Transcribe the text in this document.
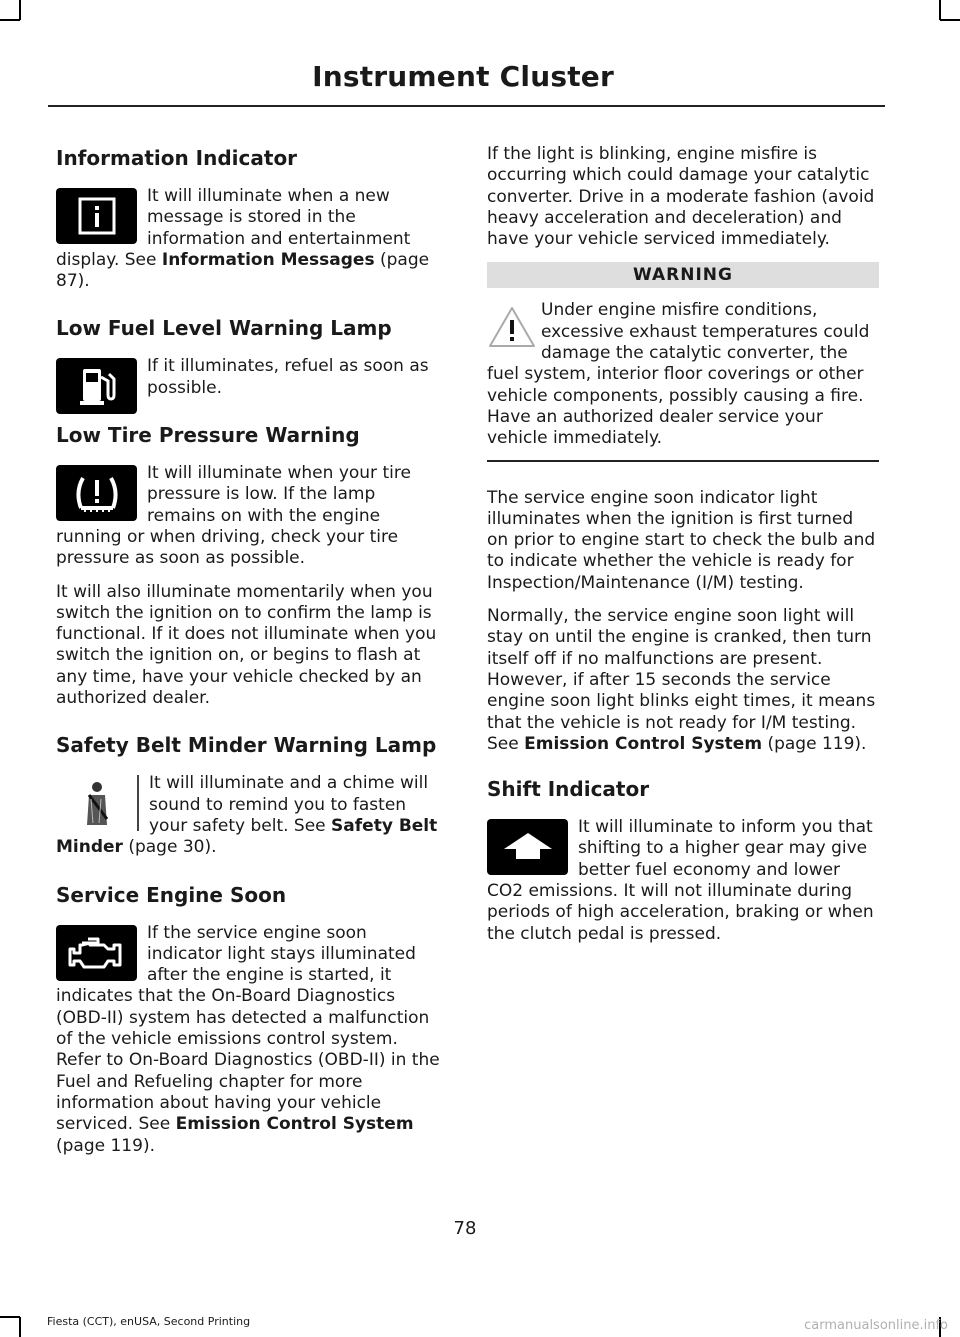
Instrument Cluster
Information Indicator

It will illuminate when a new message is stored in the information and entertainment display. See Information Messages (page 87).

Low Fuel Level Warning Lamp

If it illuminates, refuel as soon as possible.

Low Tire Pressure Warning

It will illuminate when your tire pressure is low. If the lamp remains on with the engine running or when driving, check your tire pressure as soon as possible.

It will also illuminate momentarily when you switch the ignition on to confirm the lamp is functional. If it does not illuminate when you switch the ignition on, or begins to flash at any time, have your vehicle checked by an authorized dealer.

Safety Belt Minder Warning Lamp

It will illuminate and a chime will sound to remind you to fasten your safety belt. See Safety Belt Minder (page 30).

Service Engine Soon

If the service engine soon indicator light stays illuminated after the engine is started, it indicates that the On-Board Diagnostics (OBD-II) system has detected a malfunction of the vehicle emissions control system. Refer to On-Board Diagnostics (OBD-II) in the Fuel and Refueling chapter for more information about having your vehicle serviced. See Emission Control System (page 119).

If the light is blinking, engine misfire is occurring which could damage your catalytic converter. Drive in a moderate fashion (avoid heavy acceleration and deceleration) and have your vehicle serviced immediately.

WARNING

Under engine misfire conditions, excessive exhaust temperatures could damage the catalytic converter, the fuel system, interior floor coverings or other vehicle components, possibly causing a fire. Have an authorized dealer service your vehicle immediately.

The service engine soon indicator light illuminates when the ignition is first turned on prior to engine start to check the bulb and to indicate whether the vehicle is ready for Inspection/Maintenance (I/M) testing.

Normally, the service engine soon light will stay on until the engine is cranked, then turn itself off if no malfunctions are present. However, if after 15 seconds the service engine soon light blinks eight times, it means that the vehicle is not ready for I/M testing. See Emission Control System (page 119).

Shift Indicator

It will illuminate to inform you that shifting to a higher gear may give better fuel economy and lower CO2 emissions. It will not illuminate during periods of high acceleration, braking or when the clutch pedal is pressed.

78
Fiesta (CCT), enUSA, Second Printing	carmanualsonline.info
